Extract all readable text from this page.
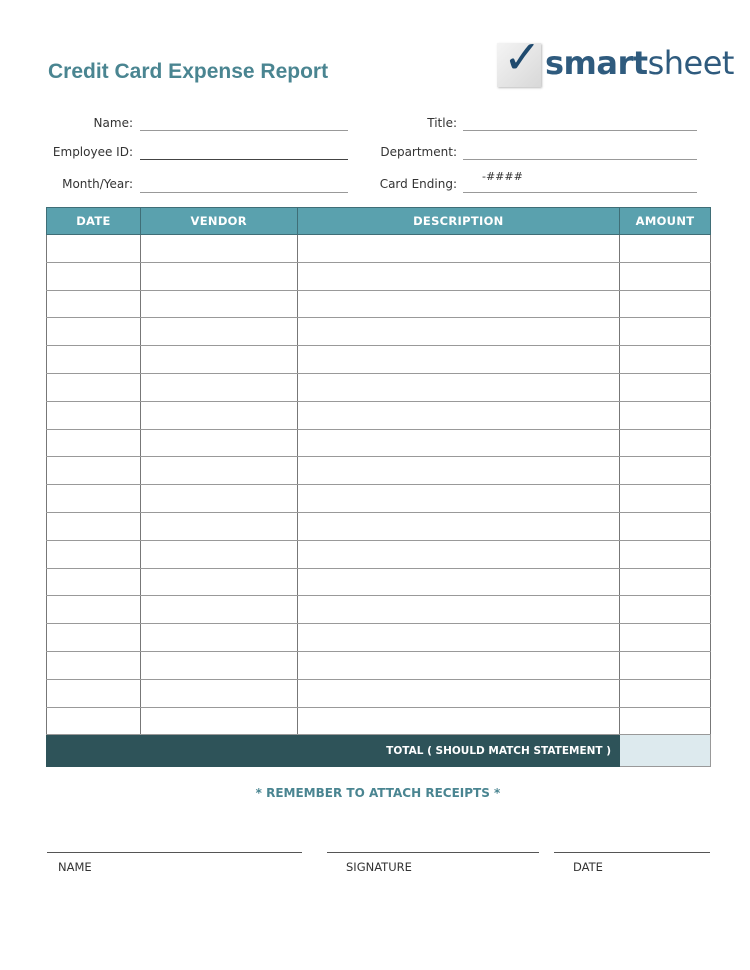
Credit Card Expense Report	✓ smartsheet
Name:
Employee ID:
Month/Year:
Title:
Department:
Card Ending:
-####
DATE	VENDOR	DESCRIPTION	AMOUNT

TOTAL ( SHOULD MATCH STATEMENT )			
* REMEMBER TO ATTACH RECEIPTS *
NAME	SIGNATURE	DATE
